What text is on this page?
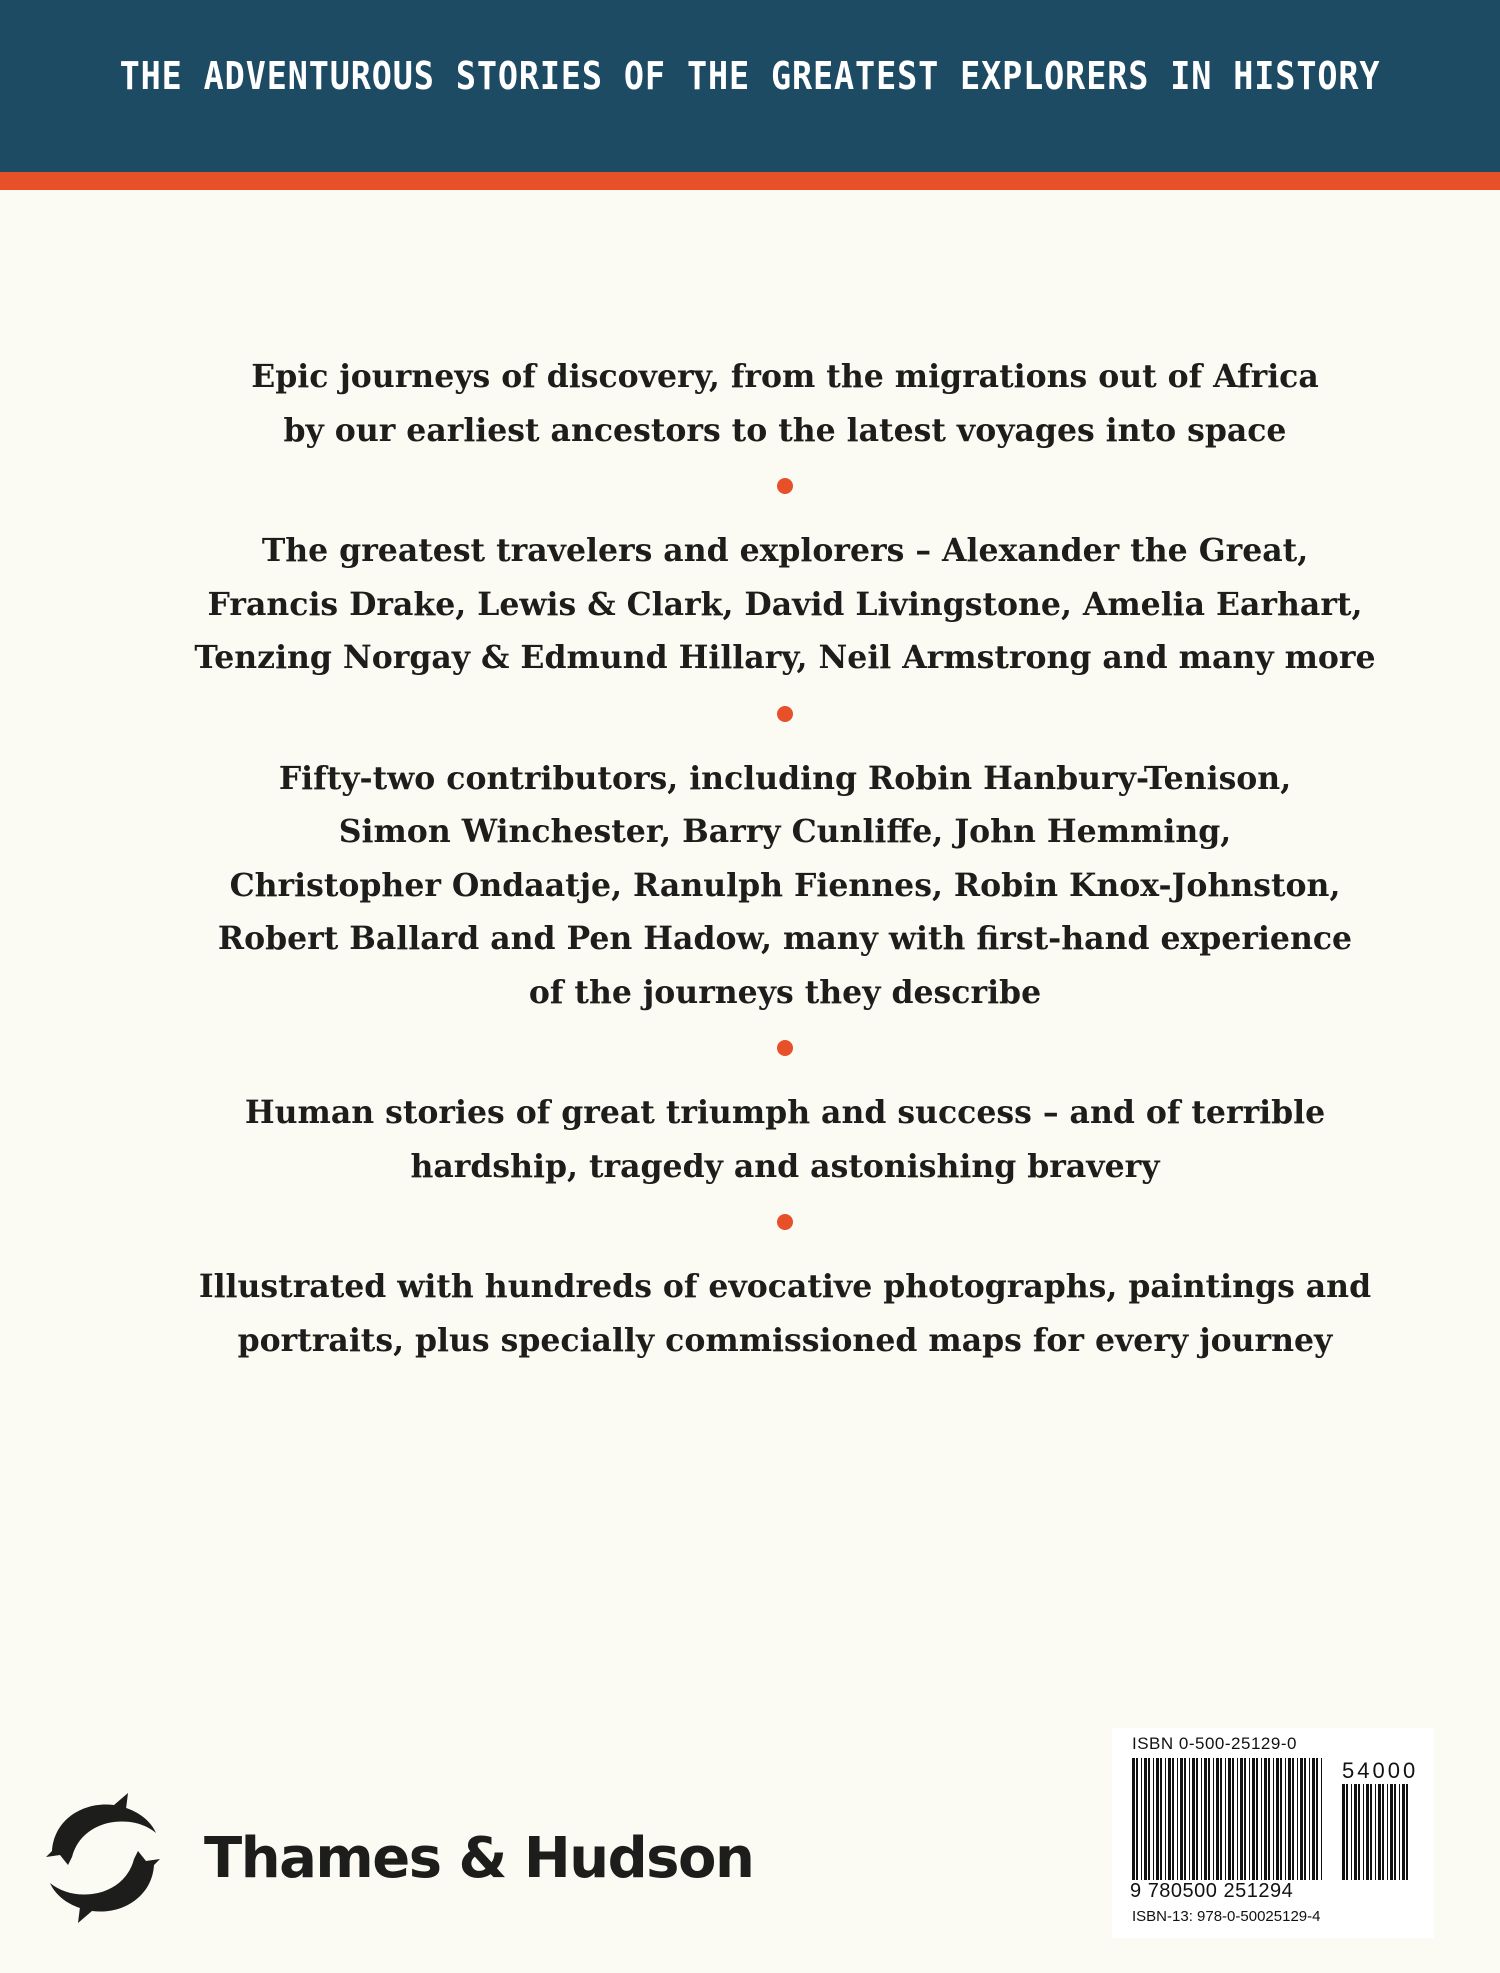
THE ADVENTUROUS STORIES OF THE GREATEST EXPLORERS IN HISTORY
Epic journeys of discovery, from the migrations out of Africa
by our earliest ancestors to the latest voyages into space
The greatest travelers and explorers – Alexander the Great,
Francis Drake, Lewis & Clark, David Livingstone, Amelia Earhart,
Tenzing Norgay & Edmund Hillary, Neil Armstrong and many more
Fifty-two contributors, including Robin Hanbury-Tenison,
Simon Winchester, Barry Cunliffe, John Hemming,
Christopher Ondaatje, Ranulph Fiennes, Robin Knox-Johnston,
Robert Ballard and Pen Hadow, many with first-hand experience
of the journeys they describe
Human stories of great triumph and success – and of terrible
hardship, tragedy and astonishing bravery
Illustrated with hundreds of evocative photographs, paintings and
portraits, plus specially commissioned maps for every journey
Thames & Hudson
ISBN 0-500-25129-0
54000
9 780500 251294
ISBN-13: 978-0-50025129-4
